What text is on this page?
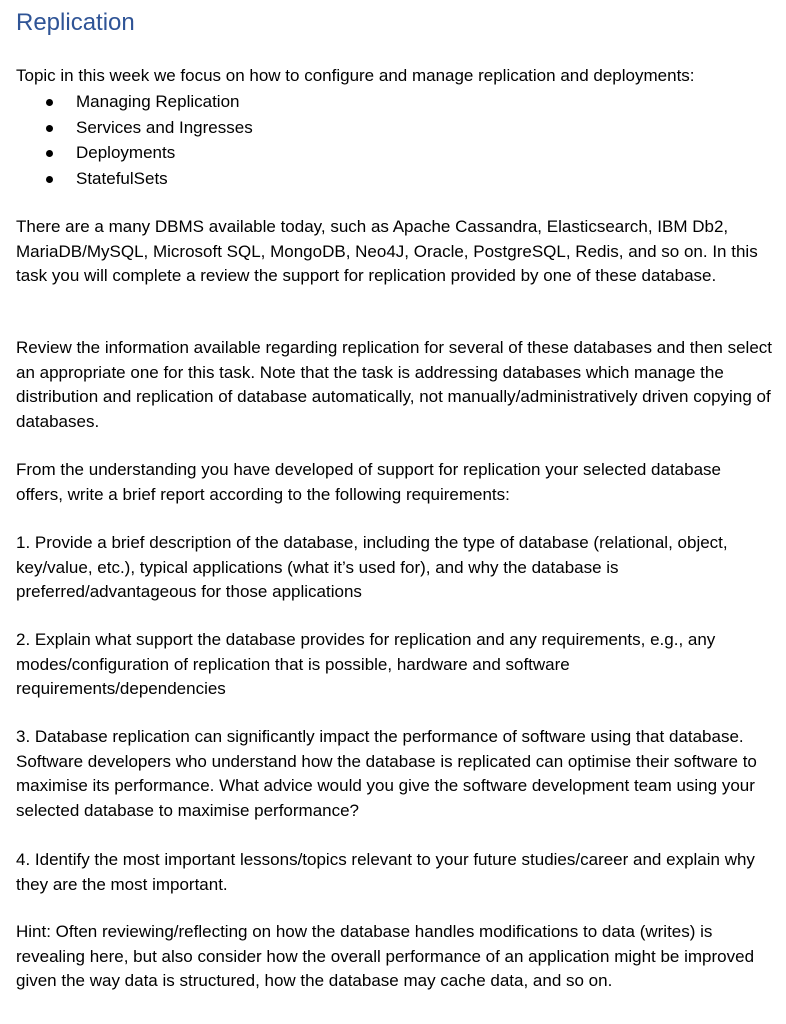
Replication

Topic in this week we focus on how to configure and manage replication and deployments:

Managing Replication
Services and Ingresses
Deployments
StatefulSets

There are a many DBMS available today, such as Apache Cassandra, Elasticsearch, IBM Db2, MariaDB/MySQL, Microsoft SQL, MongoDB, Neo4J, Oracle, PostgreSQL, Redis, and so on. In this task you will complete a review the support for replication provided by one of these database.

Review the information available regarding replication for several of these databases and then select an appropriate one for this task. Note that the task is addressing databases which manage the distribution and replication of database automatically, not manually/administratively driven copying of databases.

From the understanding you have developed of support for replication your selected database offers, write a brief report according to the following requirements:

1. Provide a brief description of the database, including the type of database (relational, object, key/value, etc.), typical applications (what it’s used for), and why the database is preferred/advantageous for those applications

2. Explain what support the database provides for replication and any requirements, e.g., any modes/configuration of replication that is possible, hardware and software requirements/dependencies

3. Database replication can significantly impact the performance of software using that database. Software developers who understand how the database is replicated can optimise their software to maximise its performance. What advice would you give the software development team using your selected database to maximise performance?

4. Identify the most important lessons/topics relevant to your future studies/career and explain why they are the most important.

Hint: Often reviewing/reflecting on how the database handles modifications to data (writes) is revealing here, but also consider how the overall performance of an application might be improved given the way data is structured, how the database may cache data, and so on.
